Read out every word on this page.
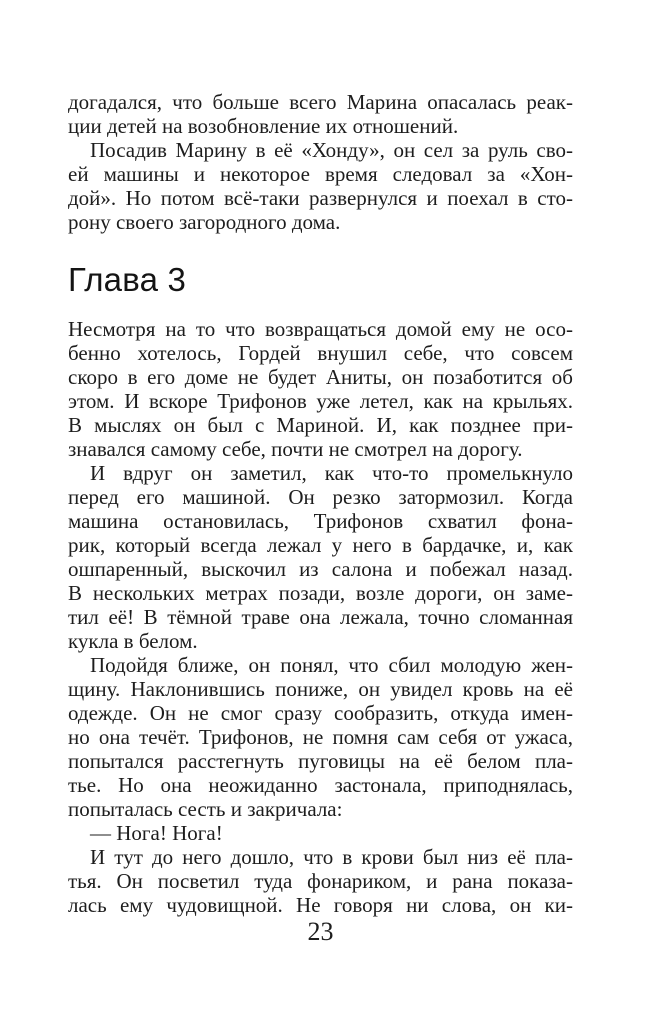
догадался, что больше всего Марина опасалась реак-
ции детей на возобновление их отношений.
Посадив Марину в её «Хонду», он сел за руль сво-
ей машины и некоторое время следовал за «Хон-
дой». Но потом всё-таки развернулся и поехал в сто-
рону своего загородного дома.
Глава 3
Несмотря на то что возвращаться домой ему не осо-
бенно хотелось, Гордей внушил себе, что совсем
скоро в его доме не будет Аниты, он позаботится об
этом. И вскоре Трифонов уже летел, как на крыльях.
В мыслях он был с Мариной. И, как позднее при-
знавался самому себе, почти не смотрел на дорогу.
И вдруг он заметил, как что-то промелькнуло
перед его машиной. Он резко затормозил. Когда
машина остановилась, Трифонов схватил фона-
рик, который всегда лежал у него в бардачке, и, как
ошпаренный, выскочил из салона и побежал назад.
В нескольких метрах позади, возле дороги, он заме-
тил её! В тёмной траве она лежала, точно сломанная
кукла в белом.
Подойдя ближе, он понял, что сбил молодую жен-
щину. Наклонившись пониже, он увидел кровь на её
одежде. Он не смог сразу сообразить, откуда имен-
но она течёт. Трифонов, не помня сам себя от ужаса,
попытался расстегнуть пуговицы на её белом пла-
тье. Но она неожиданно застонала, приподнялась,
попыталась сесть и закричала:
— Нога! Нога!
И тут до него дошло, что в крови был низ её пла-
тья. Он посветил туда фонариком, и рана показа-
лась ему чудовищной. Не говоря ни слова, он ки-
23
